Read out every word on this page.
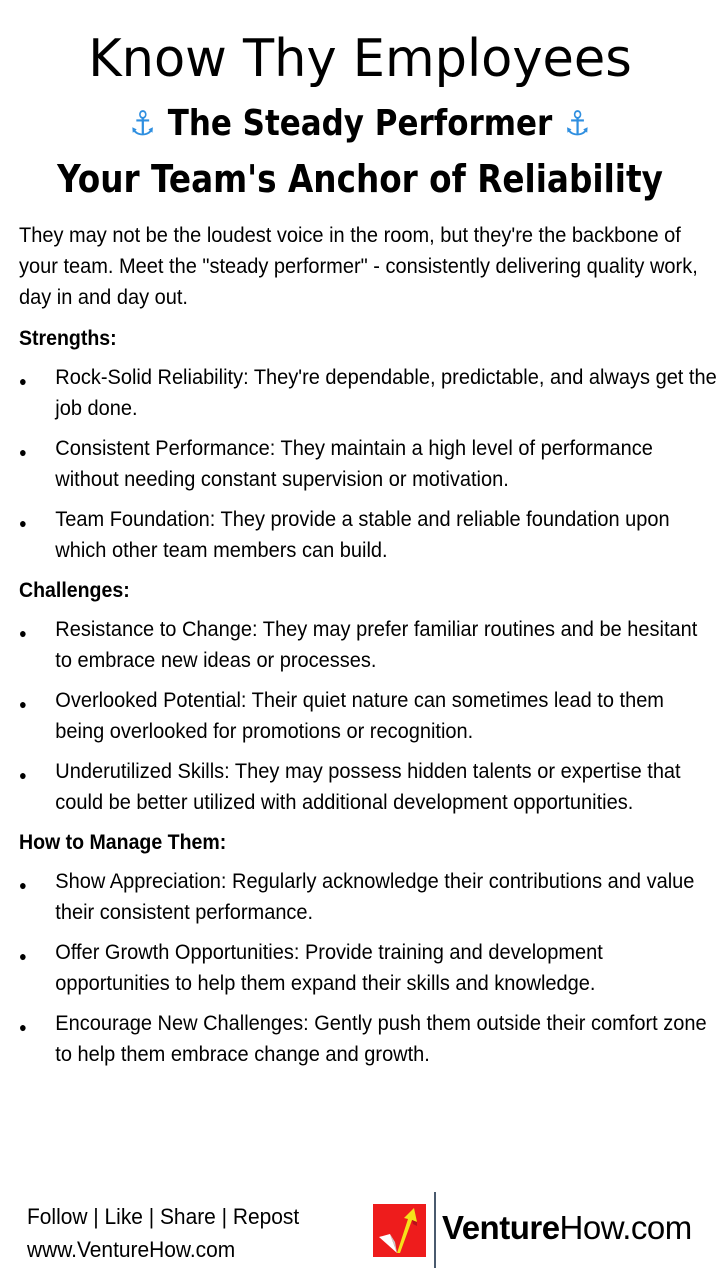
Know Thy Employees
⚓ The Steady Performer ⚓
Your Team's Anchor of Reliability

They may not be the loudest voice in the room, but they're the backbone of your team. Meet the "steady performer" - consistently delivering quality work, day in and day out.

Strengths:
● Rock-Solid Reliability: They're dependable, predictable, and always get the job done.
● Consistent Performance: They maintain a high level of performance without needing constant supervision or motivation.
● Team Foundation: They provide a stable and reliable foundation upon which other team members can build.
Challenges:
● Resistance to Change: They may prefer familiar routines and be hesitant to embrace new ideas or processes.
● Overlooked Potential: Their quiet nature can sometimes lead to them being overlooked for promotions or recognition.
● Underutilized Skills: They may possess hidden talents or expertise that could be better utilized with additional development opportunities.
How to Manage Them:
● Show Appreciation: Regularly acknowledge their contributions and value their consistent performance.
● Offer Growth Opportunities: Provide training and development opportunities to help them expand their skills and knowledge.
● Encourage New Challenges: Gently push them outside their comfort zone to help them embrace change and growth.
Follow | Like | Share | Repost
www.VentureHow.com
VentureHow.com
